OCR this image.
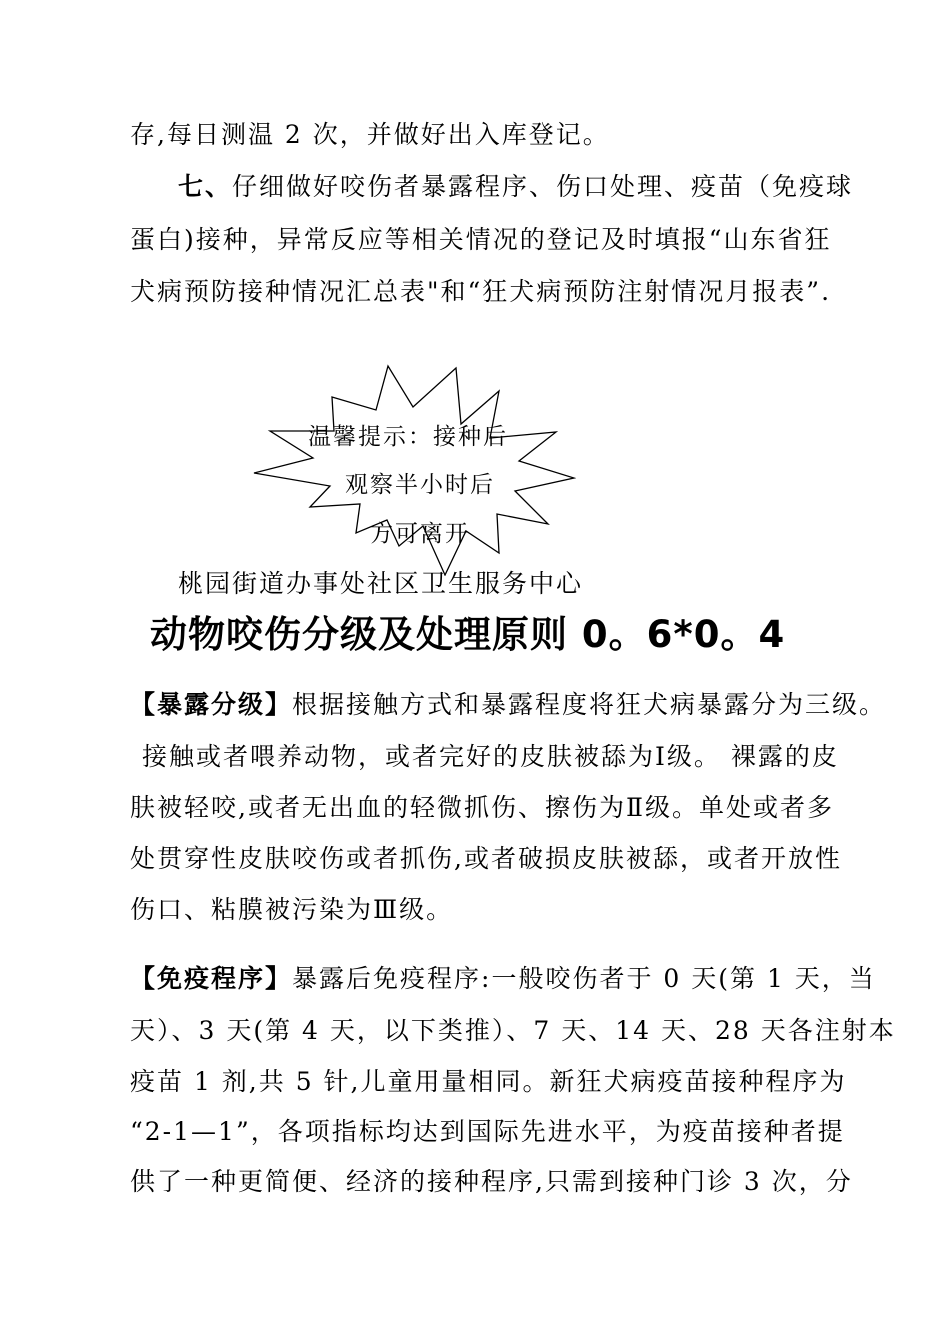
存,每日测温 2 次，并做好出入库登记。
七、仔细做好咬伤者暴露程序、伤口处理、疫苗（免疫球
蛋白)接种，异常反应等相关情况的登记及时填报“山东省狂
犬病预防接种情况汇总表"和“狂犬病预防注射情况月报表”.
温馨提示：接种后
观察半小时后
方可离开
桃园街道办事处社区卫生服务中心
动物咬伤分级及处理原则 0。6*0。4
【暴露分级】根据接触方式和暴露程度将狂犬病暴露分为三级。
接触或者喂养动物，或者完好的皮肤被舔为Ⅰ级。 裸露的皮
肤被轻咬,或者无出血的轻微抓伤、擦伤为Ⅱ级。单处或者多
处贯穿性皮肤咬伤或者抓伤,或者破损皮肤被舔，或者开放性
伤口、粘膜被污染为Ⅲ级。
【免疫程序】暴露后免疫程序:一般咬伤者于 0 天(第 1 天，当
天）、3 天(第 4 天，以下类推）、7 天、14 天、28 天各注射本
疫苗 1 剂,共 5 针,儿童用量相同。新狂犬病疫苗接种程序为
“2-1—1”，各项指标均达到国际先进水平，为疫苗接种者提
供了一种更简便、经济的接种程序,只需到接种门诊 3 次，分
